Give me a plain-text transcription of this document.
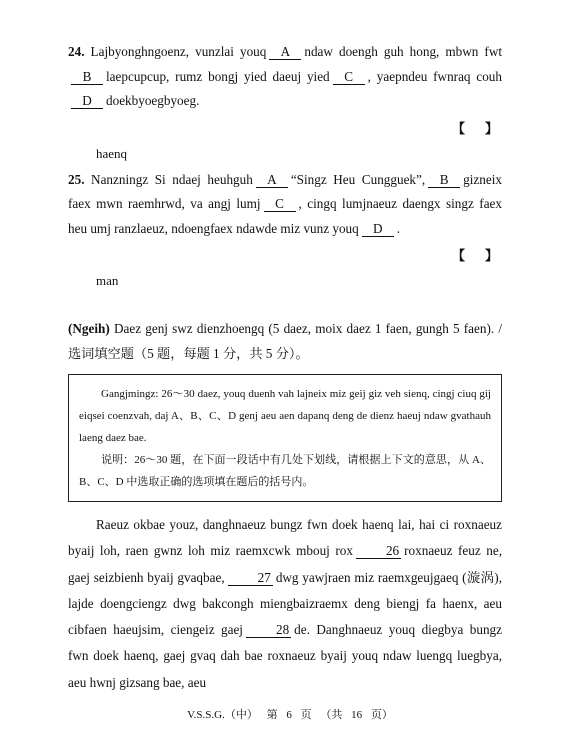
24. Lajbyonghngoenz, vunzlai youq A ndaw doengh guh hong, mbwn fwtB laepcupcup, rumz bongj yied daeuj yied C , yaepndeu fwnraq couhD doekbyoegbyoeg.

【 】
haenq

25. Nanzningz Si ndaej heuhguh A “Singz Heu Cungguek”, B gizneix faex mwn raemhrwd, va angj lumj C , cingq lumjnaeuz daengx singz faex heu umj ranzlaeuz, ndoengfaex ndawde miz vunz youq D .

【 】
man

(Ngeih) Daez genj swz dienzhoengq (5 daez, moix daez 1 faen, gungh 5 faen). / 选词填空题（5 题，每题 1 分，共 5 分）。

Gangjmingz: 26～30 daez, youq duenh vah lajneix miz geij giz veh sienq, cingj ciuq gij eiqsei coenzvah, daj A、B、C、D genj aeu aen dapanq deng de dienz haeuj ndaw gvathauh laeng daez bae.

说明：26～30 题，在下面一段话中有几处下划线，请根据上下文的意思，从 A、B、C、D 中选取正确的选项填在题后的括号内。

Raeuz okbae youz, danghnaeuz bungz fwn doek haenq lai, hai ci roxnaeuz byaij loh, raen gwnz loh miz raemxcwk mbouj rox	26 roxnaeuz feuz ne, gaej seizbienh byaij gvaqbae,	27 dwg yawjraen miz raemxgeujgaeq (漩涡), lajde doengciengz dwg bakcongh miengbaizraemx deng biengj fa haenx, aeu cibfaen haeujsim, ciengeiz gaej	28 de. Danghnaeuz youq diegbya bungz fwn doek haenq, gaej gvaq dah bae roxnaeuz byaij youq ndaw luengq luegbya, aeu hwnj gizsang bae, aeu

V.S.S.G.（中） 第 6 页 （共 16 页）
